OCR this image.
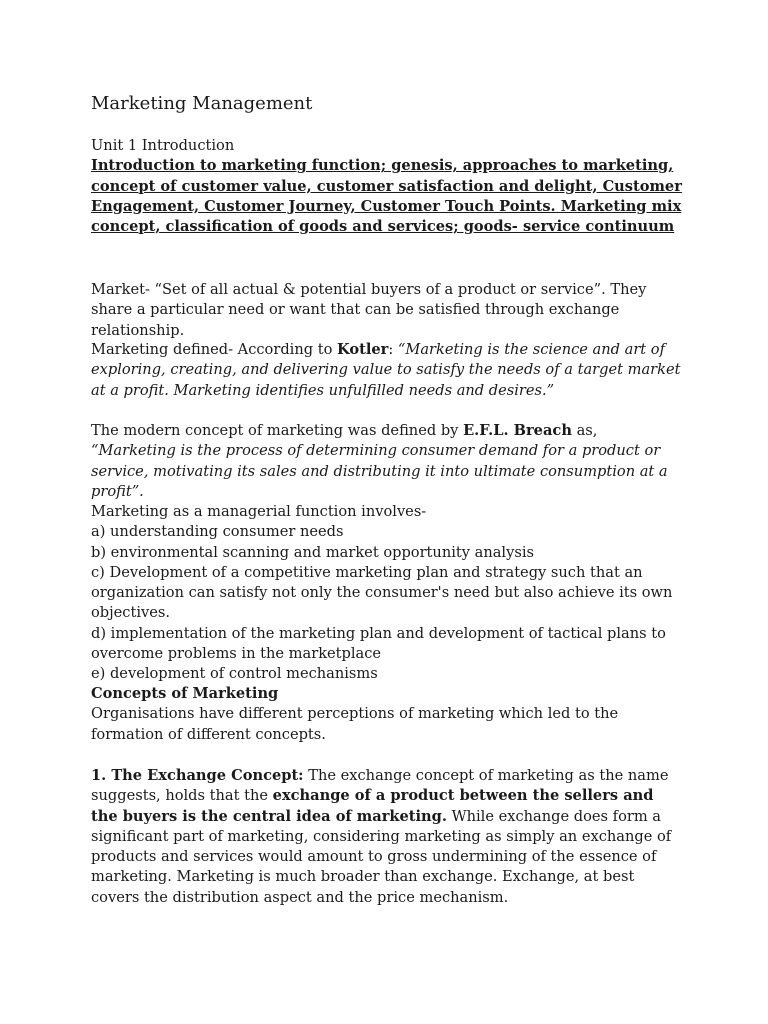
Marketing Management

Unit 1 Introduction

Introduction to marketing function; genesis, approaches to marketing, concept of customer value, customer satisfaction and delight, Customer Engagement, Customer Journey, Customer Touch Points. Marketing mix concept, classification of goods and services; goods- service continuum

Market- “Set of all actual & potential buyers of a product or service”. They share a particular need or want that can be satisfied through exchange relationship.

Marketing defined- According to Kotler: “Marketing is the science and art of exploring, creating, and delivering value to satisfy the needs of a target market at a profit. Marketing identifies unfulfilled needs and desires.”

The modern concept of marketing was defined by E.F.L. Breach as, “Marketing is the process of determining consumer demand for a product or service, motivating its sales and distributing it into ultimate consumption at a profit”.

Marketing as a managerial function involves-

a) understanding consumer needs

b) environmental scanning and market opportunity analysis

c) Development of a competitive marketing plan and strategy such that an organization can satisfy not only the consumer's need but also achieve its own objectives.

d) implementation of the marketing plan and development of tactical plans to overcome problems in the marketplace

e) development of control mechanisms

Concepts of Marketing

Organisations have different perceptions of marketing which led to the formation of different concepts.

1. The Exchange Concept: The exchange concept of marketing as the name suggests, holds that the exchange of a product between the sellers and the buyers is the central idea of marketing. While exchange does form a significant part of marketing, considering marketing as simply an exchange of products and services would amount to gross undermining of the essence of marketing. Marketing is much broader than exchange. Exchange, at best covers the distribution aspect and the price mechanism.
